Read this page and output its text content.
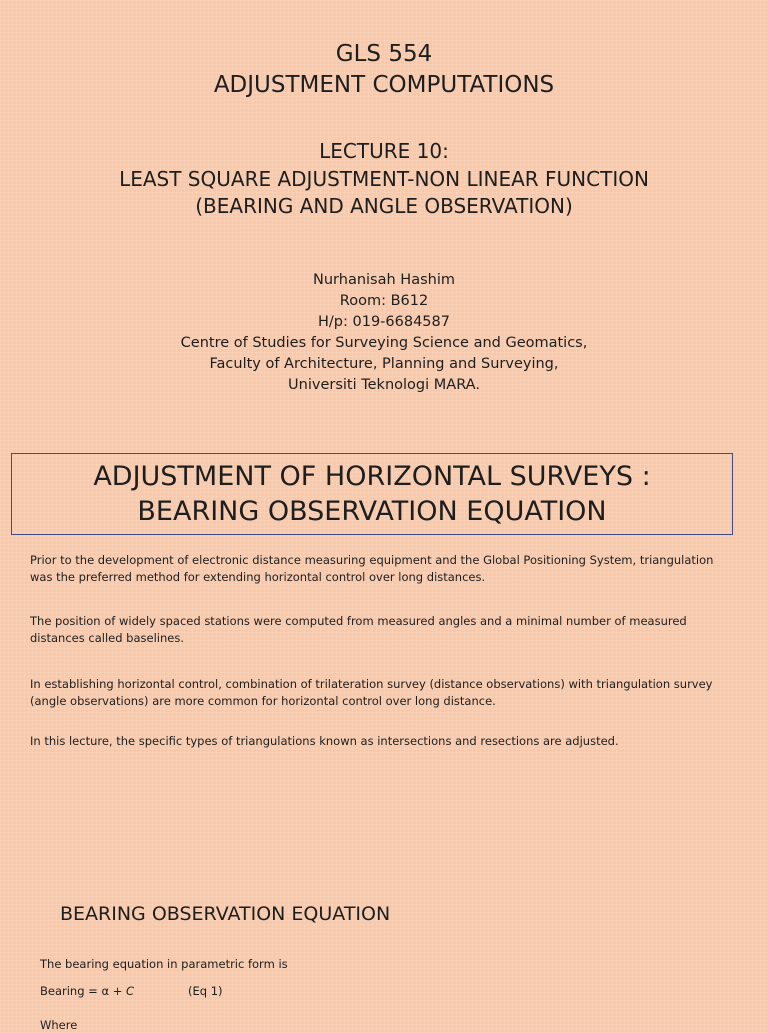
GLS 554
ADJUSTMENT COMPUTATIONS
LECTURE 10:
LEAST SQUARE ADJUSTMENT-NON LINEAR FUNCTION
(BEARING AND ANGLE OBSERVATION)
Nurhanisah Hashim
Room: B612
H/p: 019-6684587
Centre of Studies for Surveying Science and Geomatics,
Faculty of Architecture, Planning and Surveying,
Universiti Teknologi MARA.
ADJUSTMENT OF HORIZONTAL SURVEYS :
BEARING OBSERVATION EQUATION

Prior to the development of electronic distance measuring equipment and the Global Positioning System, triangulation was the preferred method for extending horizontal control over long distances.

The position of widely spaced stations were computed from measured angles and a minimal number of measured distances called baselines.

In establishing horizontal control, combination of trilateration survey (distance observations) with triangulation survey (angle observations) are more common for horizontal control over long distance.

In this lecture, the specific types of triangulations known as intersections and resections are adjusted.

BEARING OBSERVATION EQUATION
The bearing equation in parametric form is
Bearing = α + C	(Eq 1)
Where
